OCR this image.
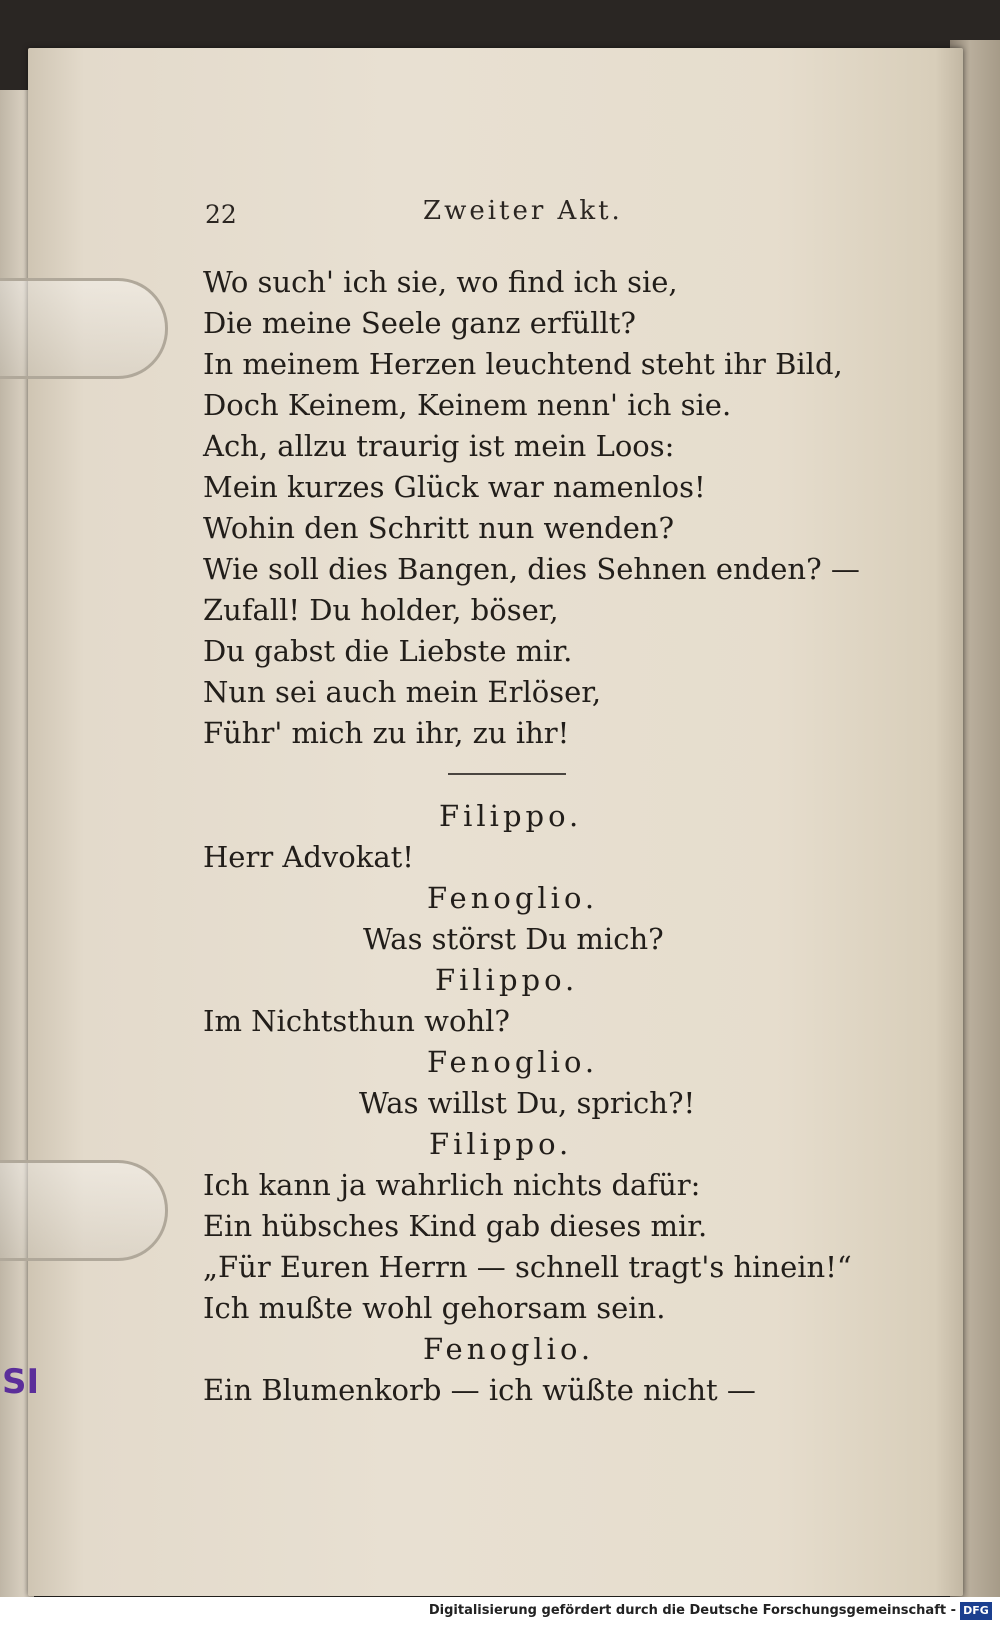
22	Zweiter Akt.
Wo such' ich sie, wo find ich sie,
Die meine Seele ganz erfüllt?
In meinem Herzen leuchtend steht ihr Bild,
Doch Keinem, Keinem nenn' ich sie.
Ach, allzu traurig ist mein Loos:
Mein kurzes Glück war namenlos!
Wohin den Schritt nun wenden?
Wie soll dies Bangen, dies Sehnen enden? —
Zufall! Du holder, böser,
Du gabst die Liebste mir.
Nun sei auch mein Erlöser,
Führ' mich zu ihr, zu ihr!
Filippo.
Herr Advokat!
Fenoglio.
Was störst Du mich?
Filippo.
Im Nichtsthun wohl?
Fenoglio.
Was willst Du, sprich?!
Filippo.
Ich kann ja wahrlich nichts dafür:
Ein hübsches Kind gab dieses mir.
„Für Euren Herrn — schnell tragt's hinein!“
Ich mußte wohl gehorsam sein.
Fenoglio.
Ein Blumenkorb — ich wüßte nicht —
SI
Digitalisierung gefördert durch die Deutsche Forschungsgemeinschaft - DFG
